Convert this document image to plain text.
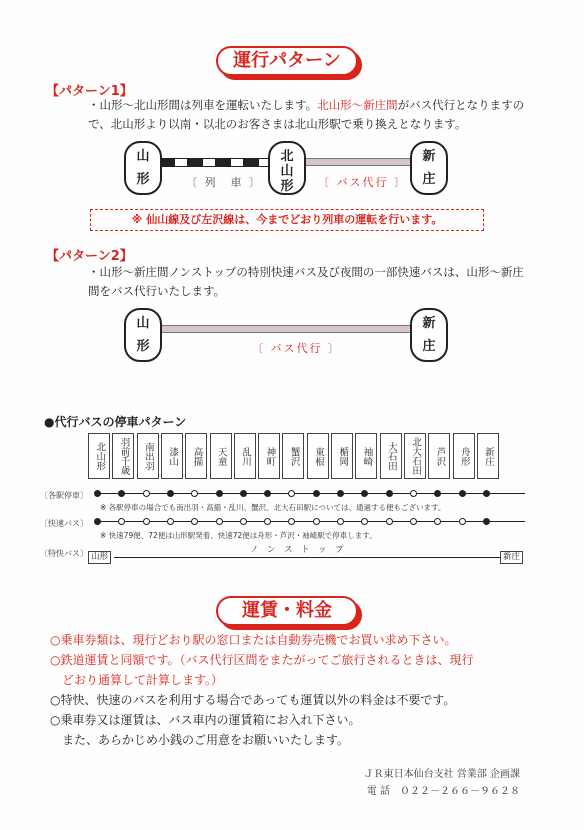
運行パターン
【パターン1】
・山形～北山形間は列車を運転いたします。北山形～新庄間がバス代行となりますので、北山形より以南・以北のお客さまは北山形駅で乗り換えとなります。
山
形
北
山
形
新
庄
〔 列　車 〕	〔 バス代行 〕
※ 仙山線及び左沢線は、今までどおり列車の運転を行います。
【パターン2】
・山形～新庄間ノンストップの特別快速バス及び夜間の一部快速バスは、山形～新庄間をバス代行いたします。
山
形
新
庄
〔 バス代行 〕
●代行バスの停車パターン
北山形	羽前千歳	南出羽	漆山	高擶	天童	乱川	神町	蟹沢	東根	楯岡	袖崎	大石田	北大石田	芦沢	舟形	新庄
〔各駅停車〕
※ 各駅停車の場合でも南出羽・高擶・乱川、蟹沢、北大石田駅については、通過する便もございます。
〔快速バス〕
※ 快速79便、72便は山形駅発着、快速72便は舟形・芦沢・袖崎駅で停車します。
〔特快バス〕 山形
ノ　ン　ス　ト　ッ　プ
新庄
運賃・料金
○乗車券類は、現行どおり駅の窓口または自動券売機でお買い求め下さい。
○鉄道運賃と同額です。（バス代行区間をまたがってご旅行されるときは、現行
　どおり通算して計算します。）
○特快、快速のバスを利用する場合であっても運賃以外の料金は不要です。
○乗車券又は運賃は、バス車内の運賃箱にお入れ下さい。
　また、あらかじめ小銭のご用意をお願いいたします。
ＪＲ東日本仙台支社 営業部 企画課
電 話　０２２－２６６－９６２８
